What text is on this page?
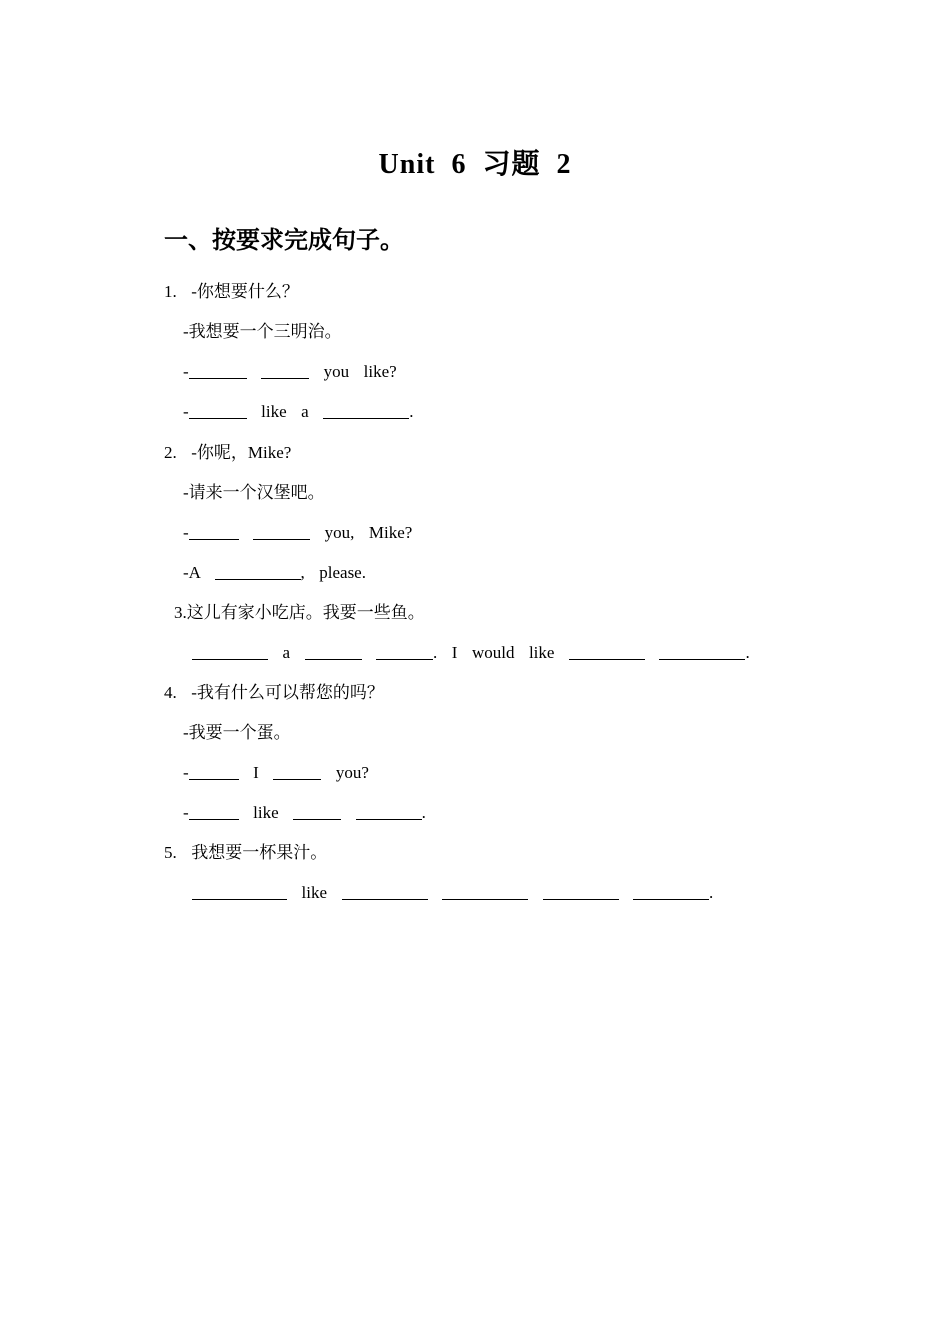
Unit 6 习题 2
一、按要求完成句子。
1.  -你想要什么？
-我想要一个三明治。
-	you  like?
-	like  a	.
2.  -你呢，Mike?
-请来一个汉堡吧。
-	you,  Mike?
-A	,  please.
3.这儿有家小吃店。我要一些鱼。
a	.  I  would  like	.
4.  -我有什么可以帮您的吗？
-我要一个蛋。
-	I	you?
-	like	.
5.  我想要一杯果汁。
like	.
